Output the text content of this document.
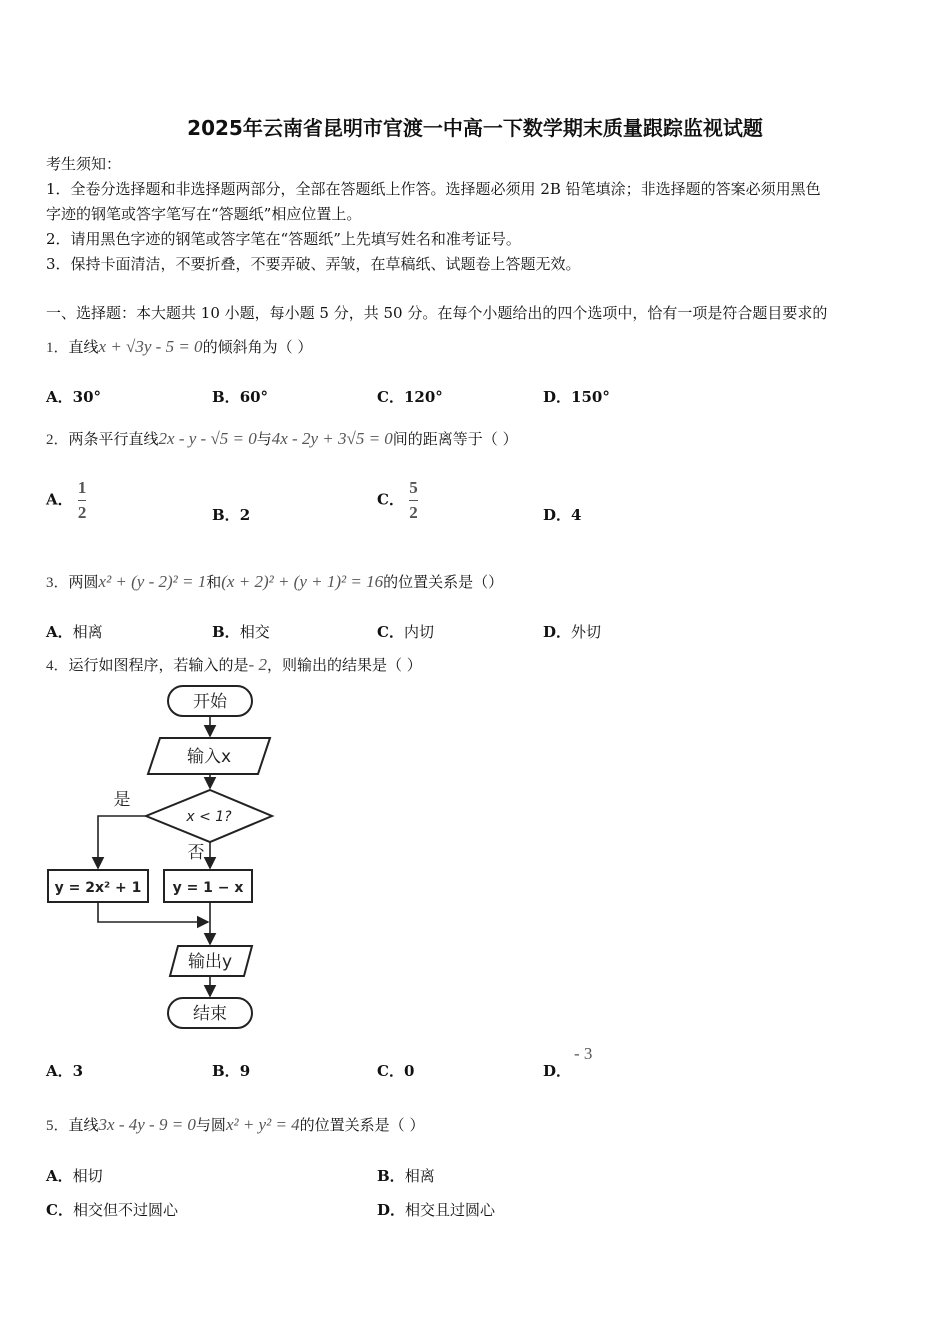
2025年云南省昆明市官渡一中高一下数学期末质量跟踪监视试题
考生须知：
1．全卷分选择题和非选择题两部分，全部在答题纸上作答。选择题必须用 2B 铅笔填涂；非选择题的答案必须用黑色
字迹的钢笔或答字笔写在“答题纸”相应位置上。
2．请用黑色字迹的钢笔或答字笔在“答题纸”上先填写姓名和准考证号。
3．保持卡面清洁，不要折叠，不要弄破、弄皱，在草稿纸、试题卷上答题无效。
一、选择题：本大题共 10 小题，每小题 5 分，共 50 分。在每个小题给出的四个选项中，恰有一项是符合题目要求的
1．直线x + √3y - 5 = 0的倾斜角为（ ）
A．30°	B．60°	C．120°	D．150°
2．两条平行直线2x - y - √5 = 0与4x - 2y + 3√5 = 0间的距离等于（ ）
A． $\frac{1}{2}$	B．2
C． $\frac{5}{2}$	D．4
3．两圆x² + (y - 2)² = 1和(x + 2)² + (y + 1)² = 16的位置关系是（）
A．相离	B．相交	C．内切	D．外切
4．运行如图程序，若输入的是- 2，则输出的结果是（ ）
开始
输入x
x < 1?
是
否
y = 2x² + 1 y = 1 − x
输出y
结束
A．3	B．9	C．0	D．
- 3
5．直线3x - 4y - 9 = 0与圆x² + y² = 4的位置关系是（ ）
A．相切	B．相离
C．相交但不过圆心	D．相交且过圆心
